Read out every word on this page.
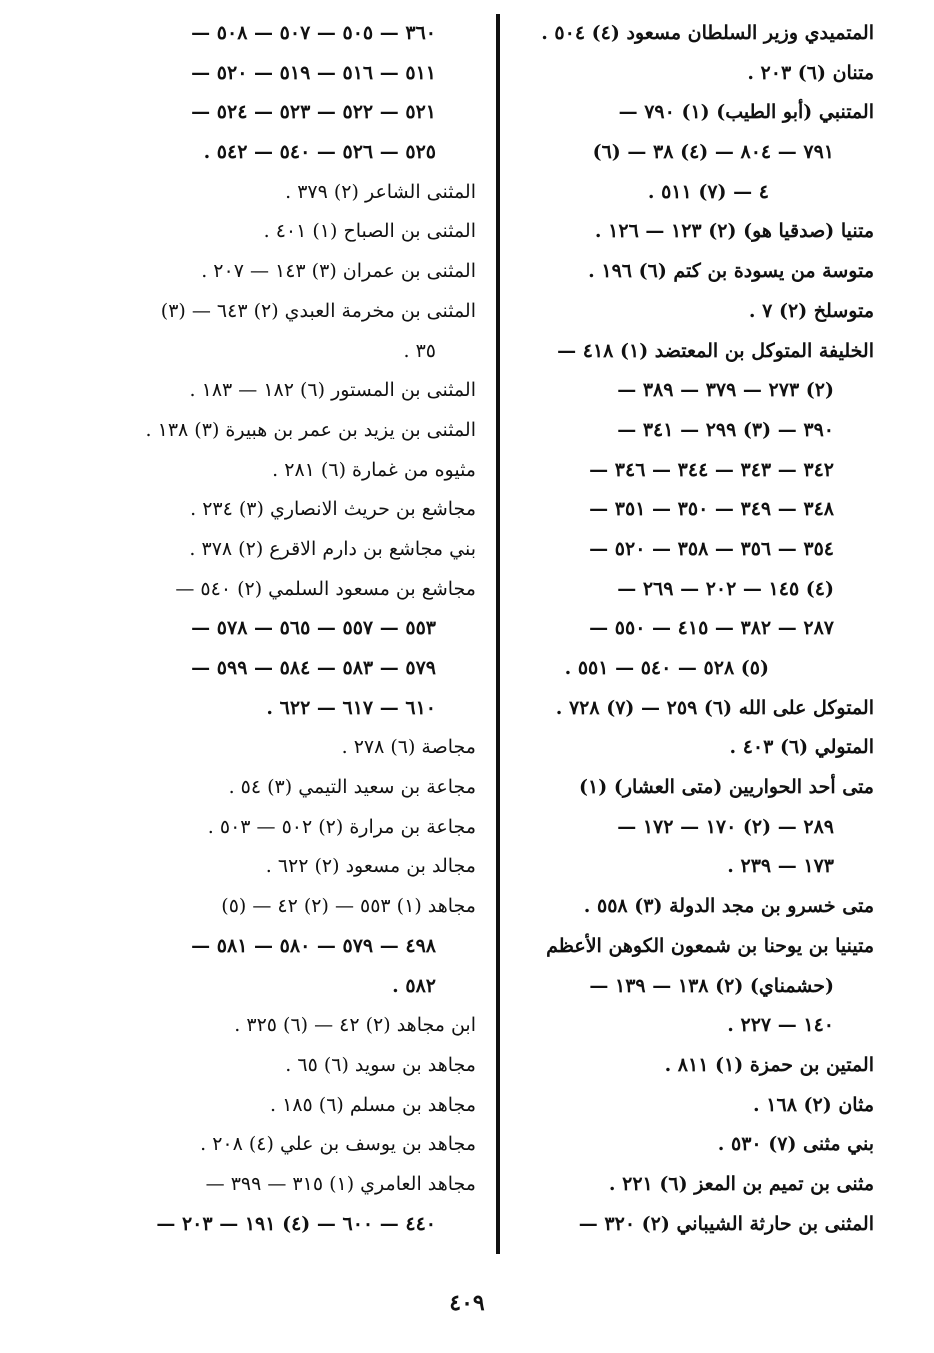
المتميدي وزير السلطان مسعود (٤) ٥٠٤ .
متنان (٦) ٢٠٣ .
المتنبي (أبو الطيب) (١) ٧٩٠ —
٧٩١ — ٨٠٤ — (٤) ٣٨ — (٦)
٤ — (٧) ٥١١ .
متنيا (صدقيا هو) (٢) ١٢٣ — ١٢٦ .
متوسة من يسودة بن كتم (٦) ١٩٦ .
متوسلخ (٢) ٧ .
الخليفة المتوكل بن المعتضد (١) ٤١٨ —
(٢) ٢٧٣ — ٣٧٩ — ٣٨٩ —
٣٩٠ — (٣) ٢٩٩ — ٣٤١ —
٣٤٢ — ٣٤٣ — ٣٤٤ — ٣٤٦ —
٣٤٨ — ٣٤٩ — ٣٥٠ — ٣٥١ —
٣٥٤ — ٣٥٦ — ٣٥٨ — ٥٢٠ —
(٤) ١٤٥ — ٢٠٢ — ٢٦٩ —
٢٨٧ — ٣٨٢ — ٤١٥ — ٥٥٠ —
(٥) ٥٢٨ — ٥٤٠ — ٥٥١ .
المتوكل على الله (٦) ٢٥٩ — (٧) ٧٢٨ .
المتولي (٦) ٤٠٣ .
متى أحد الحواريين (متى العشار) (١)
٢٨٩ — (٢) ١٧٠ — ١٧٢ —
١٧٣ — ٢٣٩ .
متى خسرو بن مجد الدولة (٣) ٥٥٨ .
متينيا بن يوحنا بن شمعون الكوهن الأعظم
(حشمناي) (٢) ١٣٨ — ١٣٩ —
١٤٠ — ٢٢٧ .
المتين بن حمزة (١) ٨١١ .
مثان (٢) ١٦٨ .
بني مثنى (٧) ٥٣٠ .
مثنى بن تميم بن المعز (٦) ٢٢١ .
المثنى بن حارثة الشيباني (٢) ٣٢٠ —
٣٦٠ — ٥٠٥ — ٥٠٧ — ٥٠٨ —
٥١١ — ٥١٦ — ٥١٩ — ٥٢٠ —
٥٢١ — ٥٢٢ — ٥٢٣ — ٥٢٤ —
٥٢٥ — ٥٢٦ — ٥٤٠ — ٥٤٢ .
المثنى الشاعر (٢) ٣٧٩ .
المثنى بن الصباح (١) ٤٠١ .
المثنى بن عمران (٣) ١٤٣ — ٢٠٧ .
المثنى بن مخرمة العبدي (٢) ٦٤٣ — (٣)
٣٥ .
المثنى بن المستور (٦) ١٨٢ — ١٨٣ .
المثنى بن يزيد بن عمر بن هبيرة (٣) ١٣٨ .
مثيوه من غمارة (٦) ٢٨١ .
مجاشع بن حريث الانصاري (٣) ٢٣٤ .
بني مجاشع بن دارم الاقرع (٢) ٣٧٨ .
مجاشع بن مسعود السلمي (٢) ٥٤٠ —
٥٥٣ — ٥٥٧ — ٥٦٥ — ٥٧٨ —
٥٧٩ — ٥٨٣ — ٥٨٤ — ٥٩٩ —
٦١٠ — ٦١٧ — ٦٢٢ .
مجاصة (٦) ٢٧٨ .
مجاعة بن سعيد التيمي (٣) ٥٤ .
مجاعة بن مرارة (٢) ٥٠٢ — ٥٠٣ .
مجالد بن مسعود (٢) ٦٢٢ .
مجاهد (١) ٥٥٣ — (٢) ٤٢ — (٥)
٤٩٨ — ٥٧٩ — ٥٨٠ — ٥٨١ —
٥٨٢ .
ابن مجاهد (٢) ٤٢ — (٦) ٣٢٥ .
مجاهد بن سويد (٦) ٦٥ .
مجاهد بن مسلم (٦) ١٨٥ .
مجاهد بن يوسف بن علي (٤) ٢٠٨ .
مجاهد العامري (١) ٣١٥ — ٣٩٩ —
٤٤٠ — ٦٠٠ — (٤) ١٩١ — ٢٠٣ —
٤٠٩
